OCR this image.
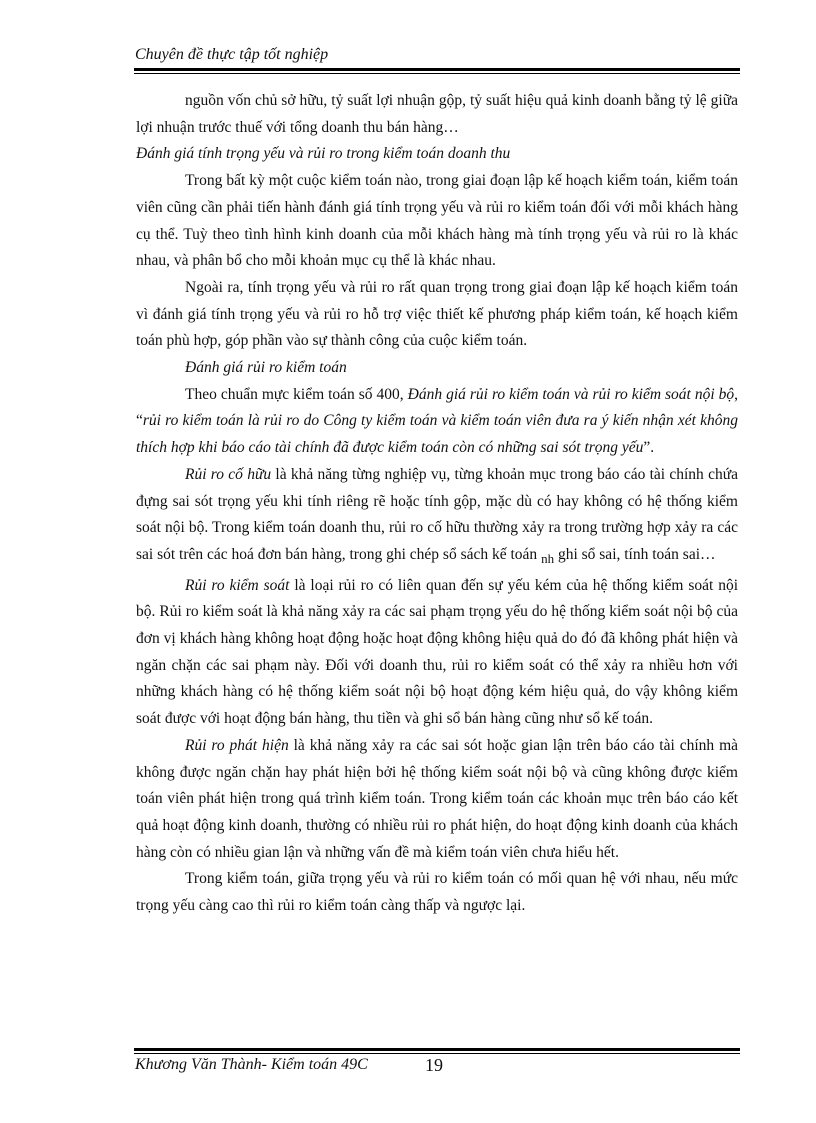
Chuyên đề thực tập tốt nghiệp

nguồn vốn chủ sở hữu, tỷ suất lợi nhuận gộp, tỷ suất hiệu quả kinh doanh bằng tỷ lệ giữa lợi nhuận trước thuế với tổng doanh thu bán hàng…

Đánh giá tính trọng yếu và rủi ro trong kiểm toán doanh thu

Trong bất kỳ một cuộc kiểm toán nào, trong giai đoạn lập kế hoạch kiểm toán, kiểm toán viên cũng cần phải tiến hành đánh giá tính trọng yếu và rủi ro kiểm toán đối với mỗi khách hàng cụ thể. Tuỳ theo tình hình kinh doanh của mỗi khách hàng mà tính trọng yếu và rủi ro là khác nhau, và phân bổ cho mỗi khoản mục cụ thể là khác nhau.

Ngoài ra, tính trọng yếu và rủi ro rất quan trọng trong giai đoạn lập kế hoạch kiểm toán vì đánh giá tính trọng yếu và rủi ro hỗ trợ việc thiết kế phương pháp kiểm toán, kế hoạch kiểm toán phù hợp, góp phần vào sự thành công của cuộc kiểm toán.

Đánh giá rủi ro kiểm toán

Theo chuẩn mực kiểm toán số 400, Đánh giá rủi ro kiểm toán và rủi ro kiểm soát nội bộ, “rủi ro kiểm toán là rủi ro do Công ty kiểm toán và kiểm toán viên đưa ra ý kiến nhận xét không thích hợp khi báo cáo tài chính đã được kiểm toán còn có những sai sót trọng yếu”.

Rủi ro cố hữu là khả năng từng nghiệp vụ, từng khoản mục trong báo cáo tài chính chứa đựng sai sót trọng yếu khi tính riêng rẽ hoặc tính gộp, mặc dù có hay không có hệ thống kiểm soát nội bộ. Trong kiểm toán doanh thu, rủi ro cố hữu thường xảy ra trong trường hợp xảy ra các sai sót trên các hoá đơn bán hàng, trong ghi chép sổ sách kế toán $_{nh}$ ghi sổ sai, tính toán sai…

Rủi ro kiểm soát là loại rủi ro có liên quan đến sự yếu kém của hệ thống kiểm soát nội bộ. Rủi ro kiểm soát là khả năng xảy ra các sai phạm trọng yếu do hệ thống kiểm soát nội bộ của đơn vị khách hàng không hoạt động hoặc hoạt động không hiệu quả do đó đã không phát hiện và ngăn chặn các sai phạm này. Đối với doanh thu, rủi ro kiểm soát có thể xảy ra nhiều hơn với những khách hàng có hệ thống kiểm soát nội bộ hoạt động kém hiệu quả, do vậy không kiểm soát được với hoạt động bán hàng, thu tiền và ghi sổ bán hàng cũng như sổ kế toán.

Rủi ro phát hiện là khả năng xảy ra các sai sót hoặc gian lận trên báo cáo tài chính mà không được ngăn chặn hay phát hiện bởi hệ thống kiểm soát nội bộ và cũng không được kiểm toán viên phát hiện trong quá trình kiểm toán. Trong kiểm toán các khoản mục trên báo cáo kết quả hoạt động kinh doanh, thường có nhiều rủi ro phát hiện, do hoạt động kinh doanh của khách hàng còn có nhiều gian lận và những vấn đề mà kiểm toán viên chưa hiểu hết.

Trong kiểm toán, giữa trọng yếu và rủi ro kiểm toán có mối quan hệ với nhau, nếu mức trọng yếu càng cao thì rủi ro kiểm toán càng thấp và ngược lại.

Khương Văn Thành- Kiểm toán 49C	19
